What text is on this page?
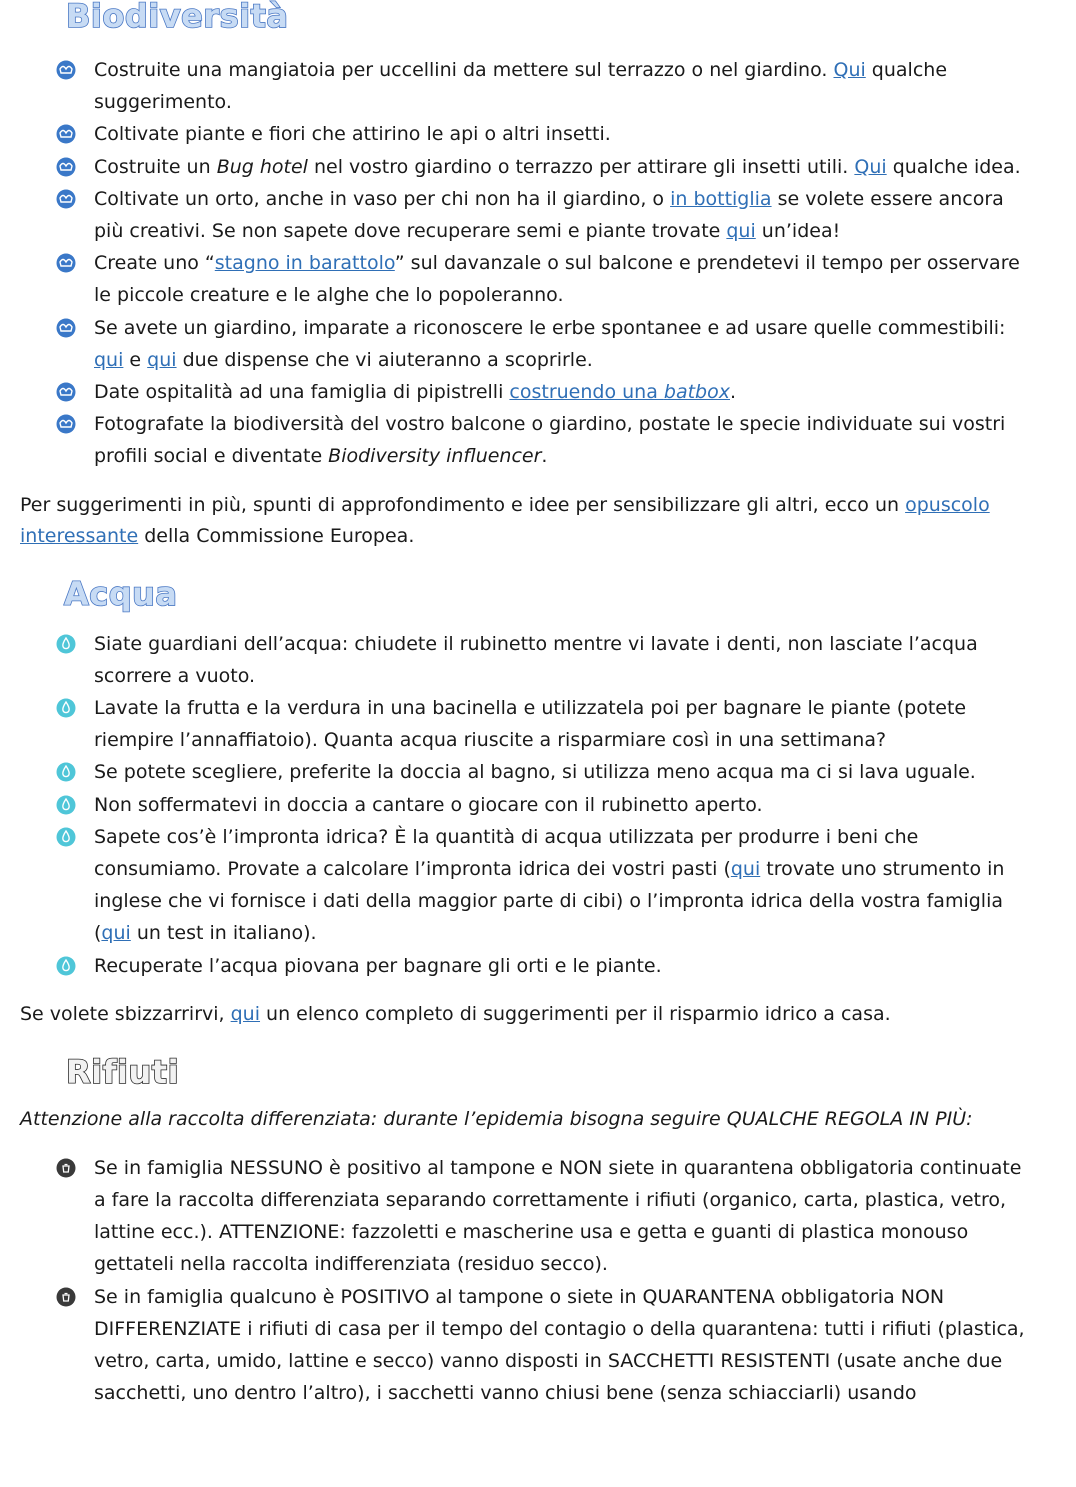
Biodiversità
Costruite una mangiatoia per uccellini da mettere sul terrazzo o nel giardino. Qui qualche suggerimento.
Coltivate piante e fiori che attirino le api o altri insetti.
Costruite un Bug hotel nel vostro giardino o terrazzo per attirare gli insetti utili. Qui qualche idea.
Coltivate un orto, anche in vaso per chi non ha il giardino, o in bottiglia se volete essere ancora più creativi. Se non sapete dove recuperare semi e piante trovate qui un’idea!
Create uno “stagno in barattolo” sul davanzale o sul balcone e prendetevi il tempo per osservare le piccole creature e le alghe che lo popoleranno.
Se avete un giardino, imparate a riconoscere le erbe spontanee e ad usare quelle commestibili: qui e qui due dispense che vi aiuteranno a scoprirle.
Date ospitalità ad una famiglia di pipistrelli costruendo una batbox.
Fotografate la biodiversità del vostro balcone o giardino, postate le specie individuate sui vostri profili social e diventate Biodiversity influencer.

Per suggerimenti in più, spunti di approfondimento e idee per sensibilizzare gli altri, ecco un opuscolo interessante della Commissione Europea.

Acqua
Siate guardiani dell’acqua: chiudete il rubinetto mentre vi lavate i denti, non lasciate l’acqua scorrere a vuoto.
Lavate la frutta e la verdura in una bacinella e utilizzatela poi per bagnare le piante (potete riempire l’annaffiatoio). Quanta acqua riuscite a risparmiare così in una settimana?
Se potete scegliere, preferite la doccia al bagno, si utilizza meno acqua ma ci si lava uguale.
Non soffermatevi in doccia a cantare o giocare con il rubinetto aperto.
Sapete cos’è l’impronta idrica? È la quantità di acqua utilizzata per produrre i beni che consumiamo. Provate a calcolare l’impronta idrica dei vostri pasti (qui trovate uno strumento in inglese che vi fornisce i dati della maggior parte di cibi) o l’impronta idrica della vostra famiglia (qui un test in italiano).
Recuperate l’acqua piovana per bagnare gli orti e le piante.

Se volete sbizzarrirvi, qui un elenco completo di suggerimenti per il risparmio idrico a casa.

Rifiuti

Attenzione alla raccolta differenziata: durante l’epidemia bisogna seguire QUALCHE REGOLA IN PIÙ:

Se in famiglia NESSUNO è positivo al tampone e NON siete in quarantena obbligatoria continuate a fare la raccolta differenziata separando correttamente i rifiuti (organico, carta, plastica, vetro, lattine ecc.). ATTENZIONE: fazzoletti e mascherine usa e getta e guanti di plastica monouso gettateli nella raccolta indifferenziata (residuo secco).
Se in famiglia qualcuno è POSITIVO al tampone o siete in QUARANTENA obbligatoria NON DIFFERENZIATE i rifiuti di casa per il tempo del contagio o della quarantena: tutti i rifiuti (plastica, vetro, carta, umido, lattine e secco) vanno disposti in SACCHETTI RESISTENTI (usate anche due sacchetti, uno dentro l’altro), i sacchetti vanno chiusi bene (senza schiacciarli) usando
